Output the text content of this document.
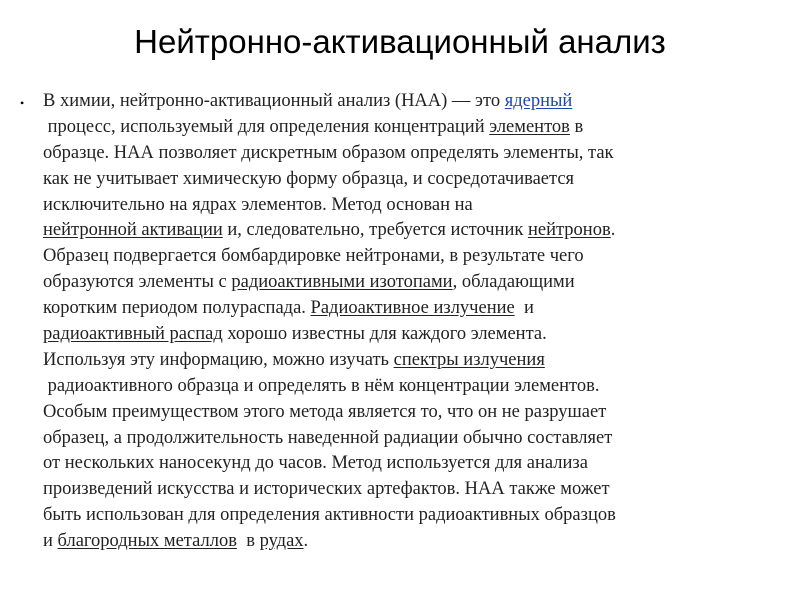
Нейтронно-активационный анализ
• В химии, нейтронно-активационный анализ (НАА) — это ядерный
процесс, используемый для определения концентраций элементов в
образце. НАА позволяет дискретным образом определять элементы, так
как не учитывает химическую форму образца, и сосредотачивается
исключительно на ядрах элементов. Метод основан на
нейтронной активации и, следовательно, требуется источник нейтронов.
Образец подвергается бомбардировке нейтронами, в результате чего
образуются элементы с радиоактивными изотопами, обладающими
коротким периодом полураспада. Радиоактивное излучение  и
радиоактивный распад хорошо известны для каждого элемента.
Используя эту информацию, можно изучать спектры излучения
радиоактивного образца и определять в нём концентрации элементов.
Особым преимуществом этого метода является то, что он не разрушает
образец, а продолжительность наведенной радиации обычно составляет
от нескольких наносекунд до часов. Метод используется для анализа
произведений искусства и исторических артефактов. НАА также может
быть использован для определения активности радиоактивных образцов
и благородных металлов  в рудах.
